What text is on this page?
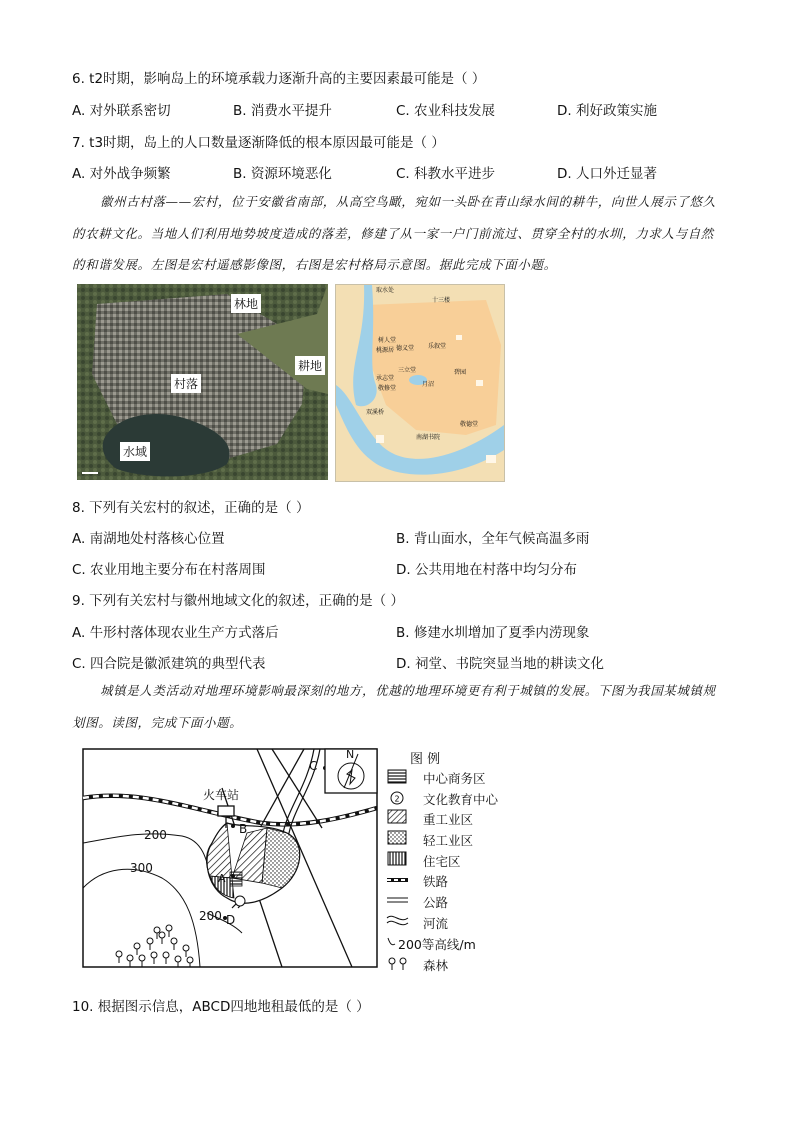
6. t2时期，影响岛上的环境承载力逐渐升高的主要因素最可能是（ ）
A. 对外联系密切	B. 消费水平提升	C. 农业科技发展	D. 利好政策实施
7. t3时期，岛上的人口数量逐渐降低的根本原因最可能是（ ）
A. 对外战争频繁	B. 资源环境恶化	C. 科教水平进步	D. 人口外迁显著
徽州古村落——宏村，位于安徽省南部，从高空鸟瞰，宛如一头卧在青山绿水间的耕牛，向世人展示了悠久的农耕文化。当地人们利用地势坡度造成的落差，修建了从一家一户门前流过、贯穿全村的水圳，力求人与自然的和谐发展。左图是宏村遥感影像图，右图是宏村格局示意图。据此完成下面小题。
林地
耕地
村落
水域
取水处
十三楼
树人堂
德义堂 乐叙堂
桃源居
三立堂
承志堂
敬修堂
碧园
月沼
南湖书院
敬德堂
双溪桥
8. 下列有关宏村的叙述，正确的是（ ）
A. 南湖地处村落核心位置	B. 背山面水，全年气候高温多雨
C. 农业用地主要分布在村落周围	D. 公共用地在村落中均匀分布
9. 下列有关宏村与徽州地域文化的叙述，正确的是（ ）
A. 牛形村落体现农业生产方式落后	B. 修建水圳增加了夏季内涝现象
C. 四合院是徽派建筑的典型代表	D. 祠堂、书院突显当地的耕读文化
城镇是人类活动对地理环境影响最深刻的地方，优越的地理环境更有利于城镇的发展。下图为我国某城镇规划图。读图，完成下面小题。
火车站
200
300
200
A
B
C
D
N	图 例
2
中心商务区
文化教育中心
重工业区
轻工业区
住宅区
铁路
公路
河流
200等高线/m
森林
10. 根据图示信息，ABCD四地地租最低的是（ ）
